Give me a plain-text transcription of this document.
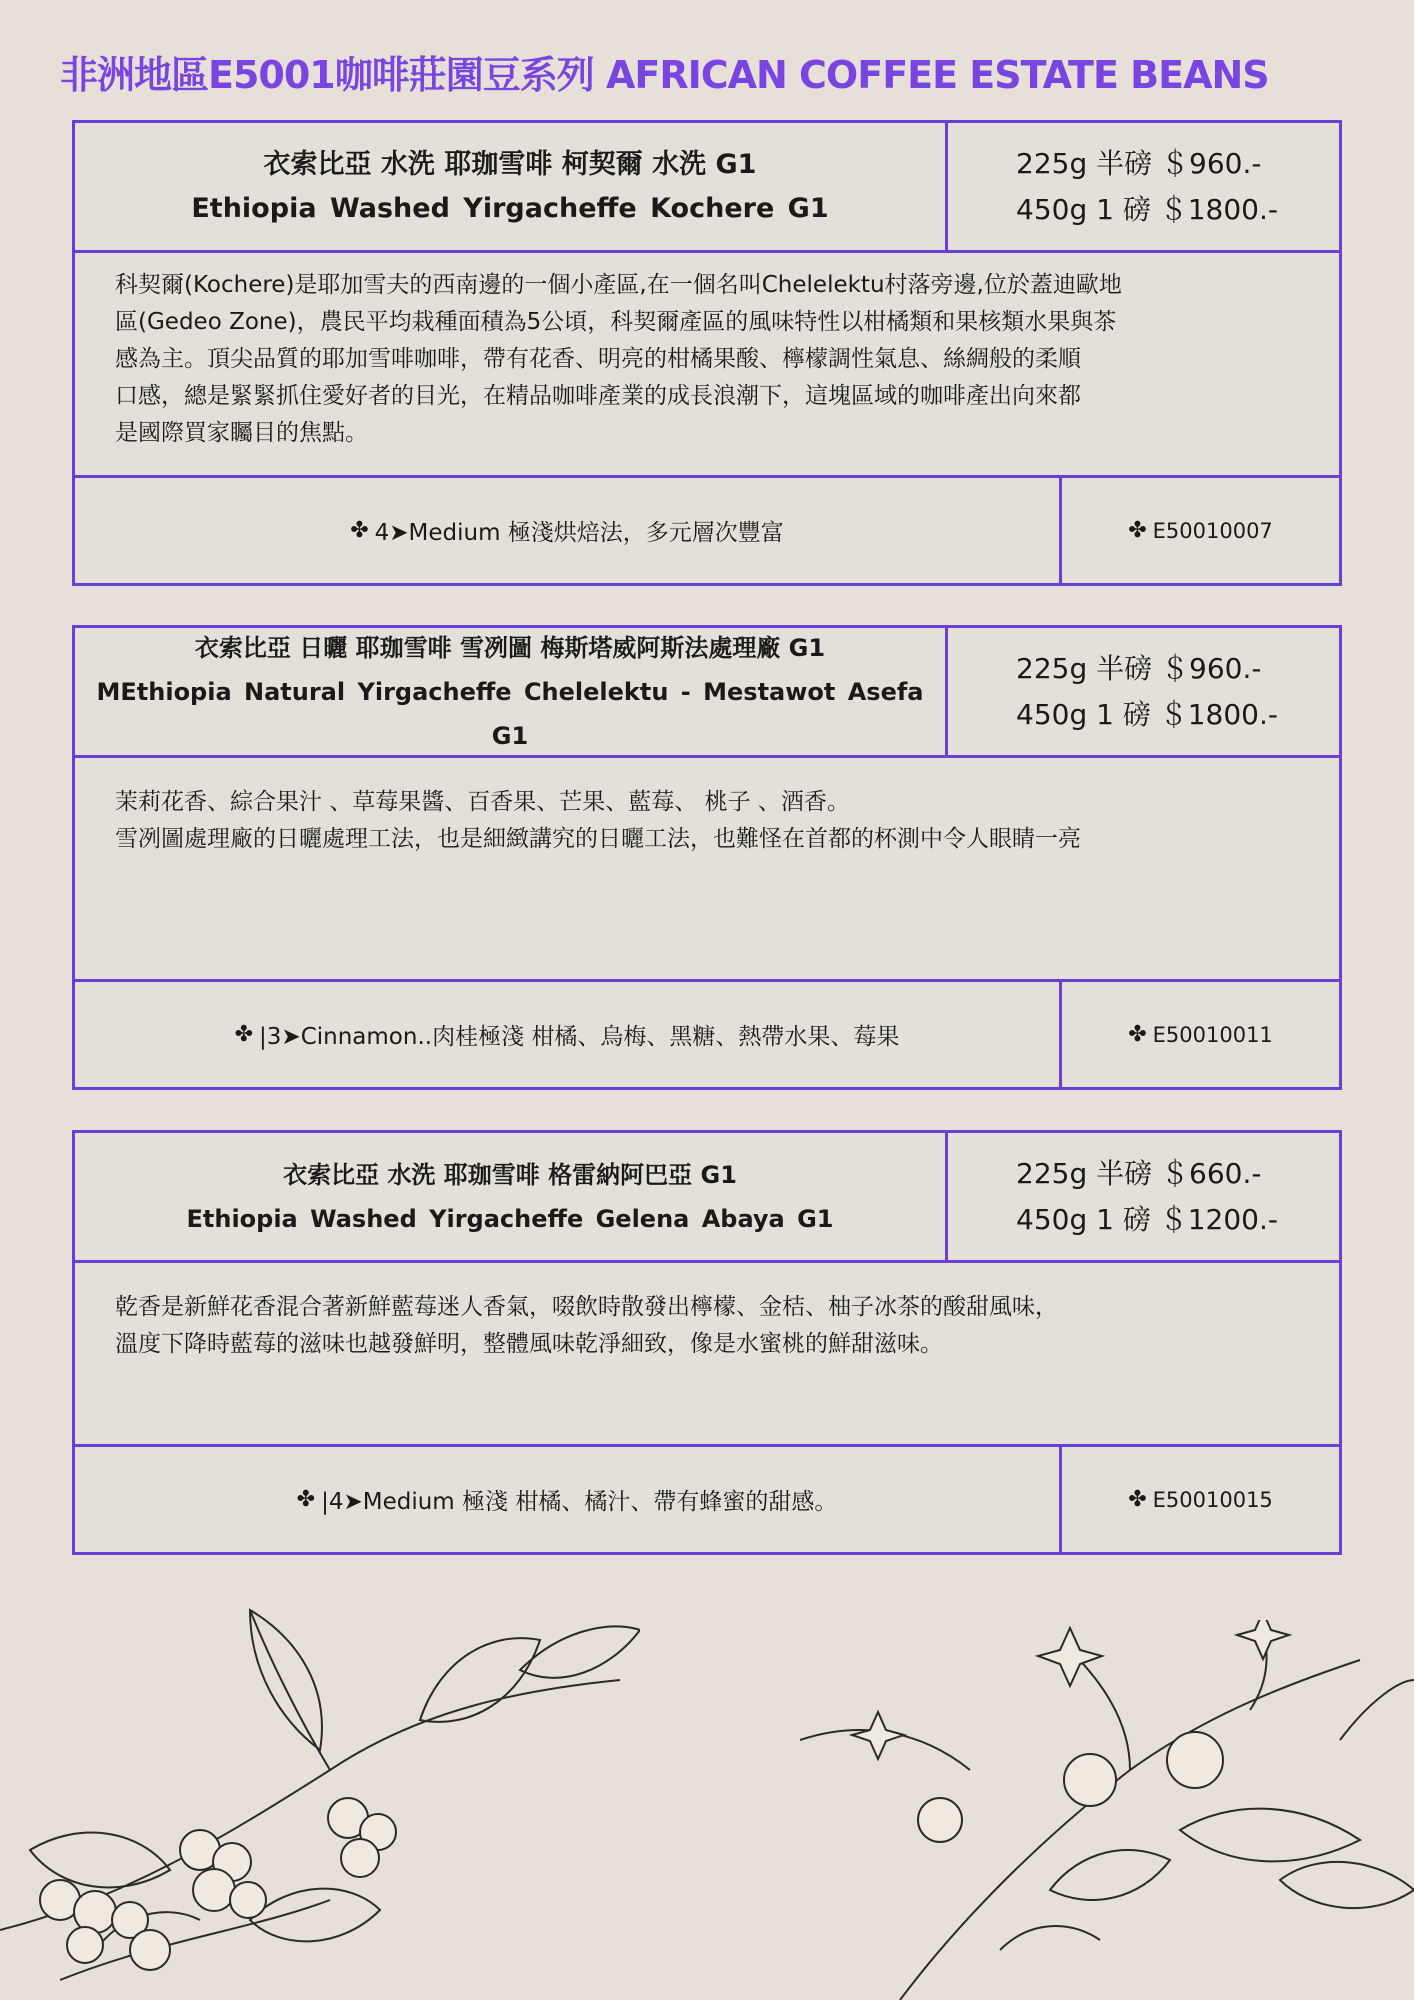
非洲地區E5001咖啡莊園豆系列 AFRICAN COFFEE ESTATE BEANS
衣索比亞 水洗 耶珈雪啡 柯契爾 水洗 G1
Ethiopia Washed Yirgacheffe Kochere G1
225g 半磅 ＄960.-
450g 1 磅 ＄1800.-
科契爾(Kochere)是耶加雪夫的西南邊的一個小產區,在一個名叫Chelelektu村落旁邊,位於蓋迪歐地
區(Gedeo Zone)，農民平均栽種面積為5公頃，科契爾產區的風味特性以柑橘類和果核類水果與茶
感為主。頂尖品質的耶加雪啡咖啡，帶有花香、明亮的柑橘果酸、檸檬調性氣息、絲綢般的柔順
口感，總是緊緊抓住愛好者的目光，在精品咖啡產業的成長浪潮下，這塊區域的咖啡產出向來都
是國際買家矚目的焦點。
✤ 4➤Medium 極淺烘焙法，多元層次豐富	✤ E50010007
衣索比亞 日曬 耶珈雪啡 雪冽圖 梅斯塔威阿斯法處理廠 G1
MEthiopia Natural Yirgacheffe Chelelektu - Mestawot Asefa G1
225g 半磅 ＄960.-
450g 1 磅 ＄1800.-
茉莉花香、綜合果汁 、草莓果醬、百香果、芒果、藍莓、 桃子 、酒香。
雪冽圖處理廠的日曬處理工法，也是細緻講究的日曬工法，也難怪在首都的杯測中令人眼睛一亮
✤ |3➤Cinnamon..肉桂極淺 柑橘、烏梅、黑糖、熱帶水果、莓果	✤ E50010011
衣索比亞 水洗 耶珈雪啡 格雷納阿巴亞 G1
Ethiopia Washed Yirgacheffe Gelena Abaya G1
225g 半磅 ＄660.-
450g 1 磅 ＄1200.-
乾香是新鮮花香混合著新鮮藍莓迷人香氣，啜飲時散發出檸檬、金桔、柚子冰茶的酸甜風味，
溫度下降時藍莓的滋味也越發鮮明，整體風味乾淨細致，像是水蜜桃的鮮甜滋味。
✤ |4➤Medium 極淺 柑橘、橘汁、帶有蜂蜜的甜感。	✤ E50010015
